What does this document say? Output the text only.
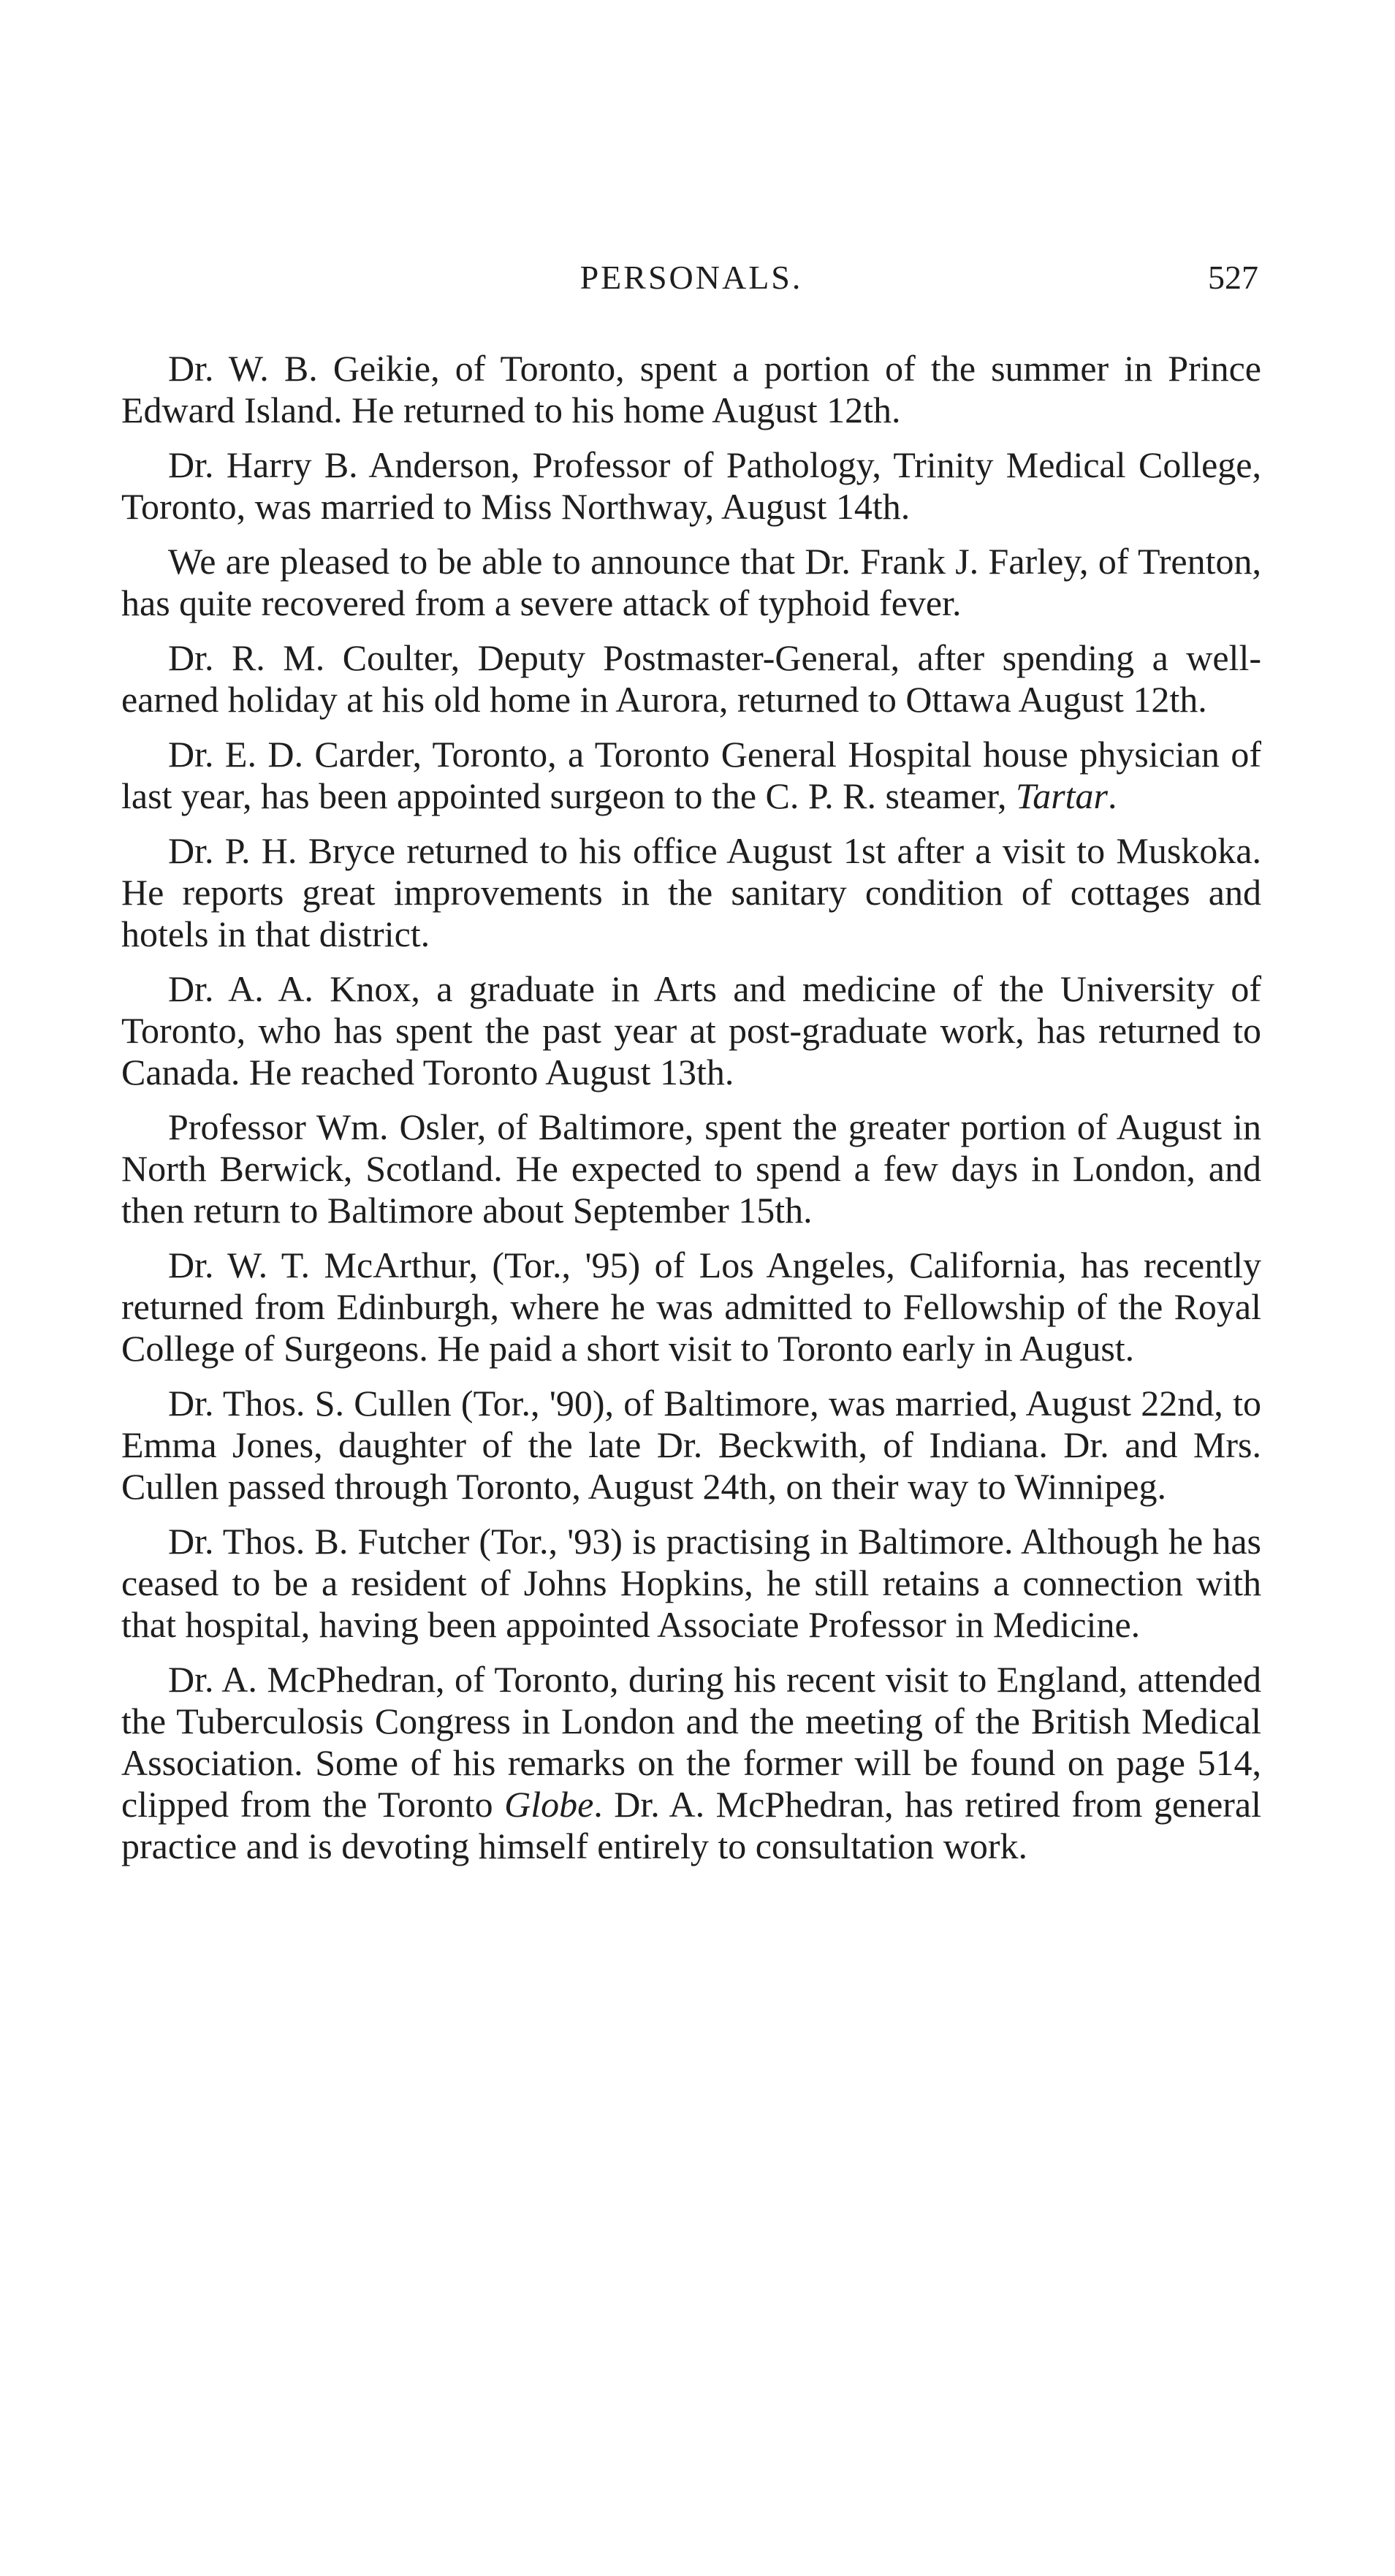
PERSONALS.	527

Dr. W. B. Geikie, of Toronto, spent a portion of the summer in Prince Edward Island. He returned to his home August 12th.

Dr. Harry B. Anderson, Professor of Pathology, Trinity Medical College, Toronto, was married to Miss Northway, August 14th.

We are pleased to be able to announce that Dr. Frank J. Farley, of Trenton, has quite recovered from a severe attack of typhoid fever.

Dr. R. M. Coulter, Deputy Postmaster-General, after spending a well-earned holiday at his old home in Aurora, returned to Ottawa August 12th.

Dr. E. D. Carder, Toronto, a Toronto General Hospital house physician of last year, has been appointed surgeon to the C. P. R. steamer, Tartar.

Dr. P. H. Bryce returned to his office August 1st after a visit to Muskoka. He reports great improvements in the sanitary condition of cottages and hotels in that district.

Dr. A. A. Knox, a graduate in Arts and medicine of the University of Toronto, who has spent the past year at post-graduate work, has returned to Canada. He reached Toronto August 13th.

Professor Wm. Osler, of Baltimore, spent the greater portion of August in North Berwick, Scotland. He expected to spend a few days in London, and then return to Baltimore about September 15th.

Dr. W. T. McArthur, (Tor., '95) of Los Angeles, California, has recently returned from Edinburgh, where he was admitted to Fellowship of the Royal College of Surgeons. He paid a short visit to Toronto early in August.

Dr. Thos. S. Cullen (Tor., '90), of Baltimore, was married, August 22nd, to Emma Jones, daughter of the late Dr. Beckwith, of Indiana. Dr. and Mrs. Cullen passed through Toronto, August 24th, on their way to Winnipeg.

Dr. Thos. B. Futcher (Tor., '93) is practising in Baltimore. Although he has ceased to be a resident of Johns Hopkins, he still retains a connection with that hospital, having been appointed Associate Professor in Medicine.

Dr. A. McPhedran, of Toronto, during his recent visit to England, attended the Tuberculosis Congress in London and the meeting of the British Medical Association. Some of his remarks on the former will be found on page 514, clipped from the Toronto Globe. Dr. A. McPhedran, has retired from general practice and is devoting himself entirely to consultation work.
